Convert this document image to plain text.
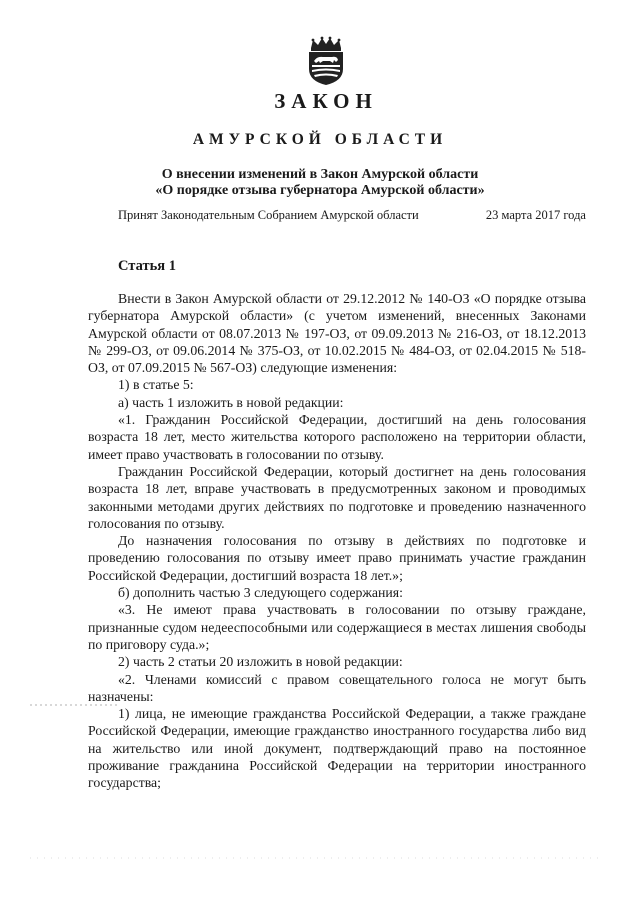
ЗАКОН
АМУРСКОЙ ОБЛАСТИ
О внесении изменений в Закон Амурской области
«О порядке отзыва губернатора Амурской области»
Принят Законодательным Собранием Амурской области	23 марта 2017 года
Статья 1

Внести в Закон Амурской области от 29.12.2012 № 140-ОЗ «О порядке отзыва губернатора Амурской области» (с учетом изменений, внесенных Законами Амурской области от 08.07.2013 № 197-ОЗ, от 09.09.2013 № 216-ОЗ, от 18.12.2013 № 299-ОЗ, от 09.06.2014 № 375-ОЗ, от 10.02.2015 № 484-ОЗ, от 02.04.2015 № 518-ОЗ, от 07.09.2015 № 567-ОЗ) следующие изменения:

1) в статье 5:

а) часть 1 изложить в новой редакции:

«1. Гражданин Российской Федерации, достигший на день голосования возраста 18 лет, место жительства которого расположено на территории области, имеет право участвовать в голосовании по отзыву.

Гражданин Российской Федерации, который достигнет на день голосования возраста 18 лет, вправе участвовать в предусмотренных законом и проводимых законными методами других действиях по подготовке и проведению назначенного голосования по отзыву.

До назначения голосования по отзыву в действиях по подготовке и проведению голосования по отзыву имеет право принимать участие гражданин Российской Федерации, достигший возраста 18 лет.»;

б) дополнить частью 3 следующего содержания:

«3. Не имеют права участвовать в голосовании по отзыву граждане, признанные судом недееспособными или содержащиеся в местах лишения свободы по приговору суда.»;

2) часть 2 статьи 20 изложить в новой редакции:

«2. Членами комиссий с правом совещательного голоса не могут быть назначены:

1) лица, не имеющие гражданства Российской Федерации, а также граждане Российской Федерации, имеющие гражданство иностранного государства либо вид на жительство или иной документ, подтверждающий право на постоянное проживание гражданина Российской Федерации на территории иностранного государства;
